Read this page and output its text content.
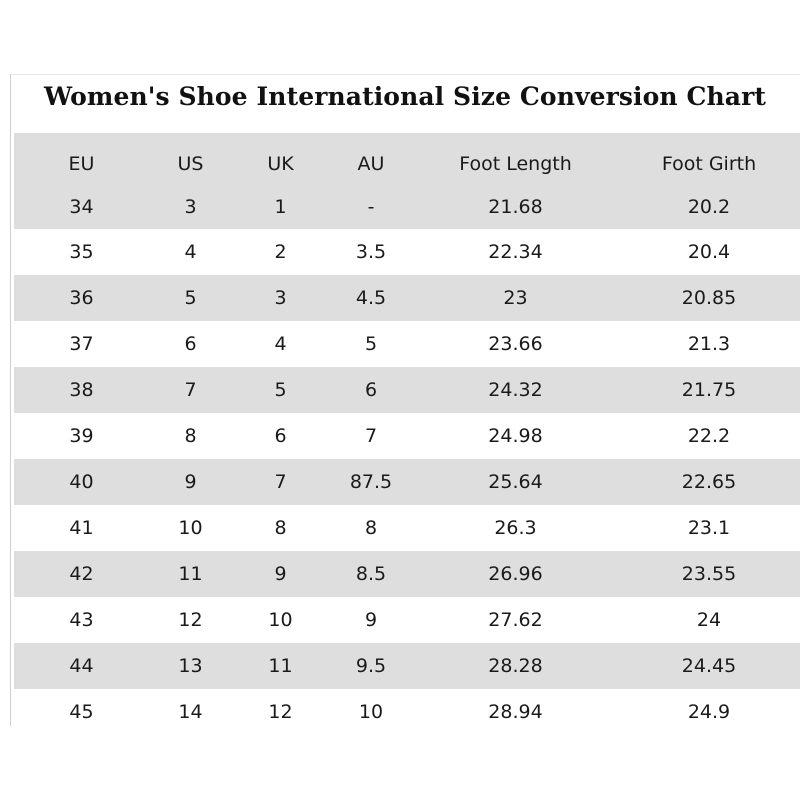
Women's Shoe International Size Conversion Chart
EU	US	UK	AU	Foot Length	Foot Girth
34	3	1	-	21.68	20.2
35	4	2	3.5	22.34	20.4
36	5	3	4.5	23	20.85
37	6	4	5	23.66	21.3
38	7	5	6	24.32	21.75
39	8	6	7	24.98	22.2
40	9	7	87.5	25.64	22.65
41	10	8	8	26.3	23.1
42	11	9	8.5	26.96	23.55
43	12	10	9	27.62	24
44	13	11	9.5	28.28	24.45
45	14	12	10	28.94	24.9
